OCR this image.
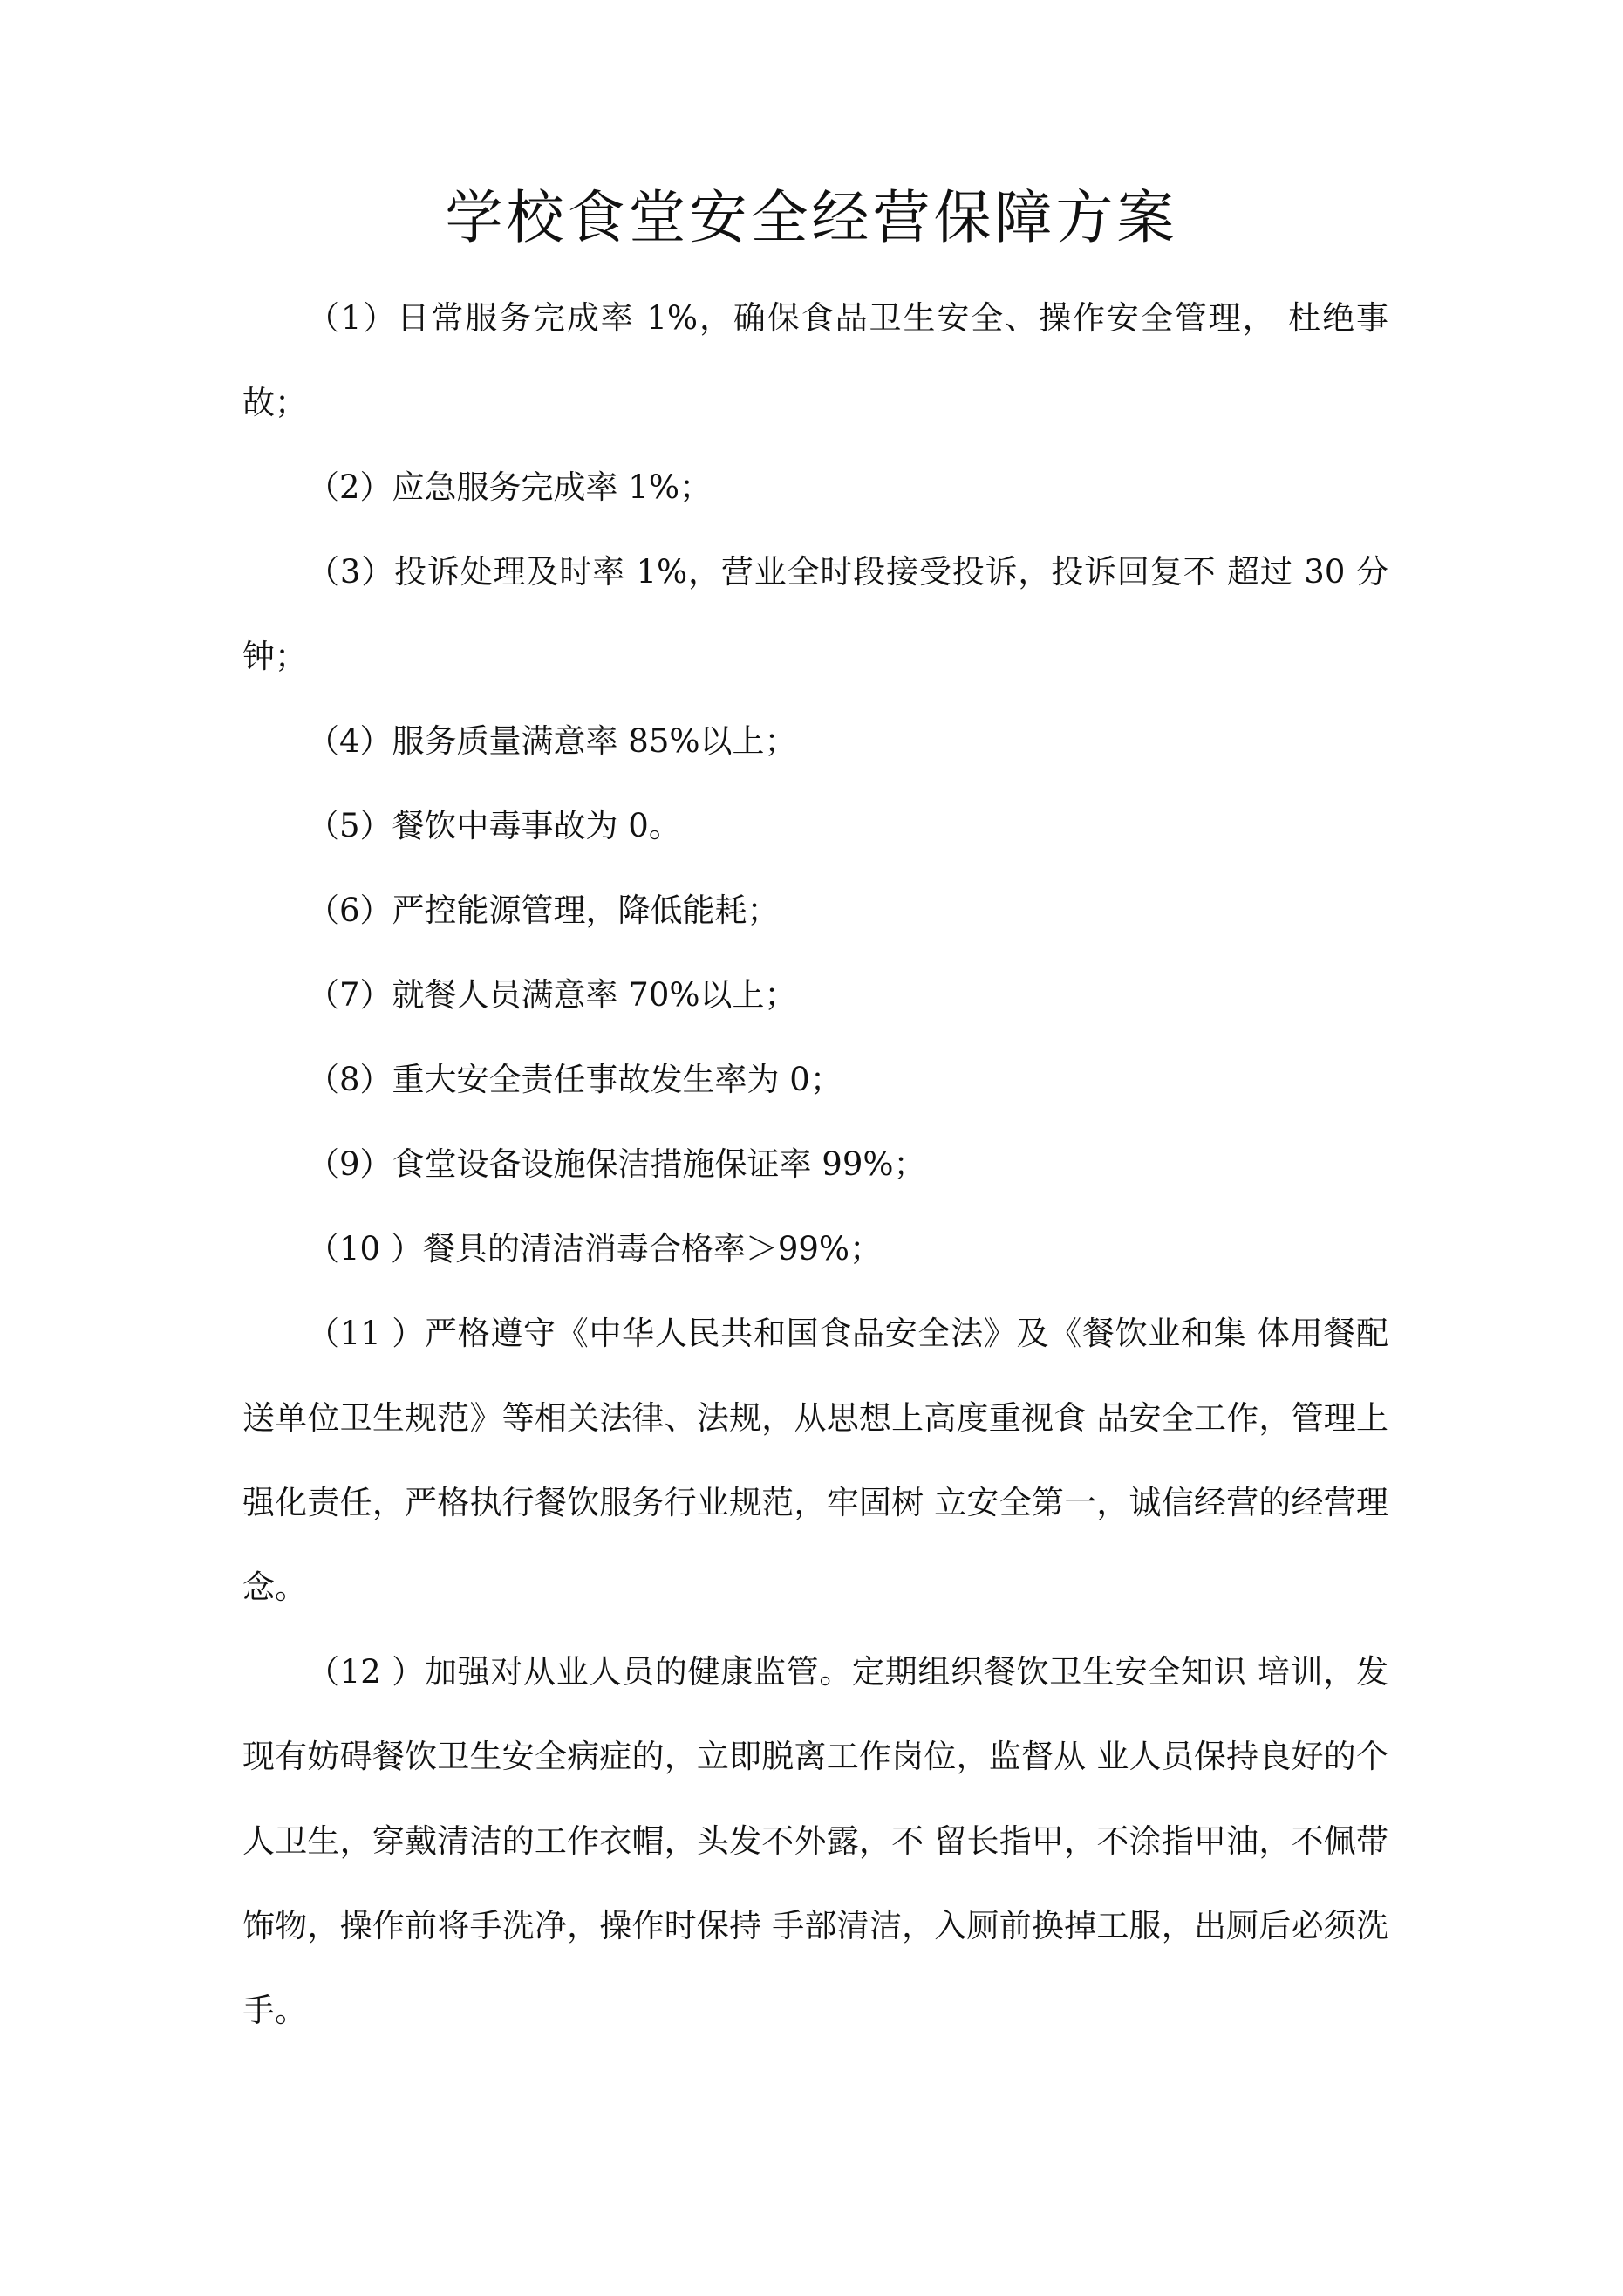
学校食堂安全经营保障方案

（1）日常服务完成率 1%，确保食品卫生安全、操作安全管理， 杜绝事故；

（2）应急服务完成率 1%；

（3）投诉处理及时率 1%，营业全时段接受投诉，投诉回复不 超过 30 分钟；

（4）服务质量满意率 85%以上；

（5）餐饮中毒事故为 0。

（6）严控能源管理，降低能耗；

（7）就餐人员满意率 70%以上；

（8）重大安全责任事故发生率为 0；

（9）食堂设备设施保洁措施保证率 99%；

（10 ）餐具的清洁消毒合格率＞99%；

（11 ）严格遵守《中华人民共和国食品安全法》及《餐饮业和集 体用餐配送单位卫生规范》等相关法律、法规，从思想上高度重视食 品安全工作，管理上强化责任，严格执行餐饮服务行业规范，牢固树 立安全第一，诚信经营的经营理念。

（12 ）加强对从业人员的健康监管。定期组织餐饮卫生安全知识 培训，发现有妨碍餐饮卫生安全病症的，立即脱离工作岗位，监督从 业人员保持良好的个人卫生，穿戴清洁的工作衣帽，头发不外露，不 留长指甲，不涂指甲油，不佩带饰物，操作前将手洗净，操作时保持 手部清洁，入厕前换掉工服，出厕后必须洗手。
